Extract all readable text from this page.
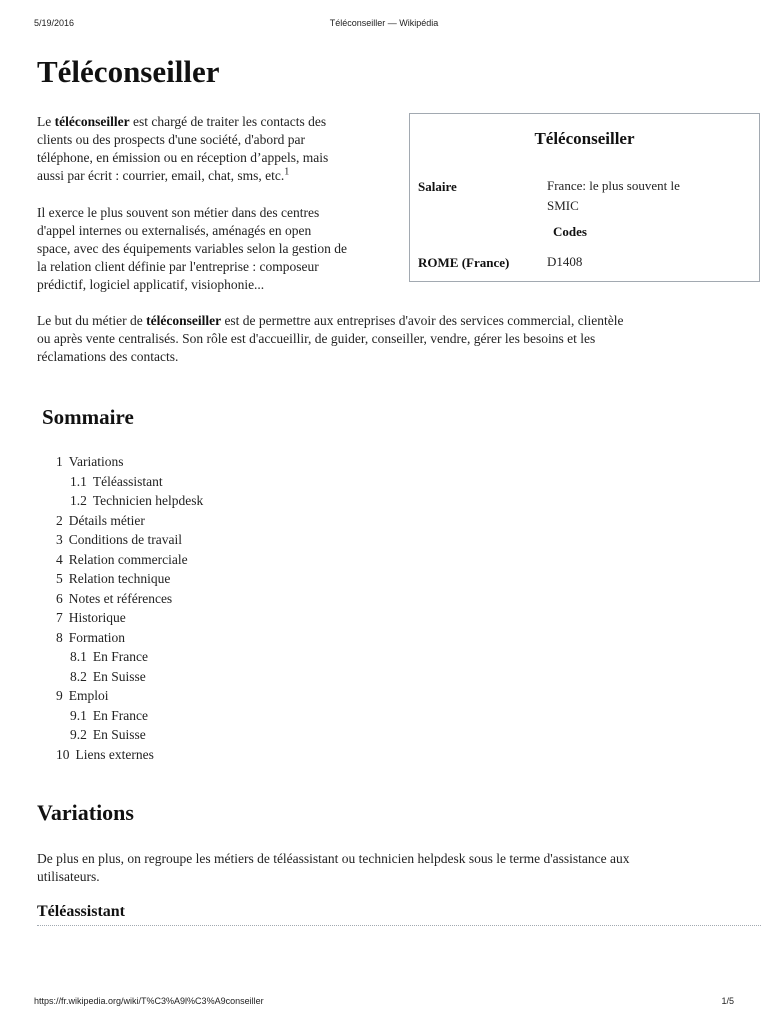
5/19/2016	Téléconseiller — Wikipédia
Téléconseiller

Le téléconseiller est chargé de traiter les contacts des
clients ou des prospects d'une société, d'abord par
téléphone, en émission ou en réception d’appels, mais
aussi par écrit : courrier, email, chat, sms, etc.$^1$

Il exerce le plus souvent son métier dans des centres
d'appel internes ou externalisés, aménagés en open
space, avec des équipements variables selon la gestion de
la relation client définie par l'entreprise : composeur
prédictif, logiciel applicatif, visiophonie...

Téléconseiller
Salaire	France: le plus souvent le
SMIC
Codes
ROME (France)	D1408

Le but du métier de téléconseiller est de permettre aux entreprises d'avoir des services commercial, clientèle
ou après vente centralisés. Son rôle est d'accueillir, de guider, conseiller, vendre, gérer les besoins et les
réclamations des contacts.

Sommaire
1 Variations
1.1 Téléassistant
1.2 Technicien helpdesk
2 Détails métier
3 Conditions de travail
4 Relation commerciale
5 Relation technique
6 Notes et références
7 Historique
8 Formation
8.1 En France
8.2 En Suisse
9 Emploi
9.1 En France
9.2 En Suisse
10 Liens externes
Variations

De plus en plus, on regroupe les métiers de téléassistant ou technicien helpdesk sous le terme d'assistance aux
utilisateurs.

Téléassistant
https://fr.wikipedia.org/wiki/T%C3%A9l%C3%A9conseiller	1/5
